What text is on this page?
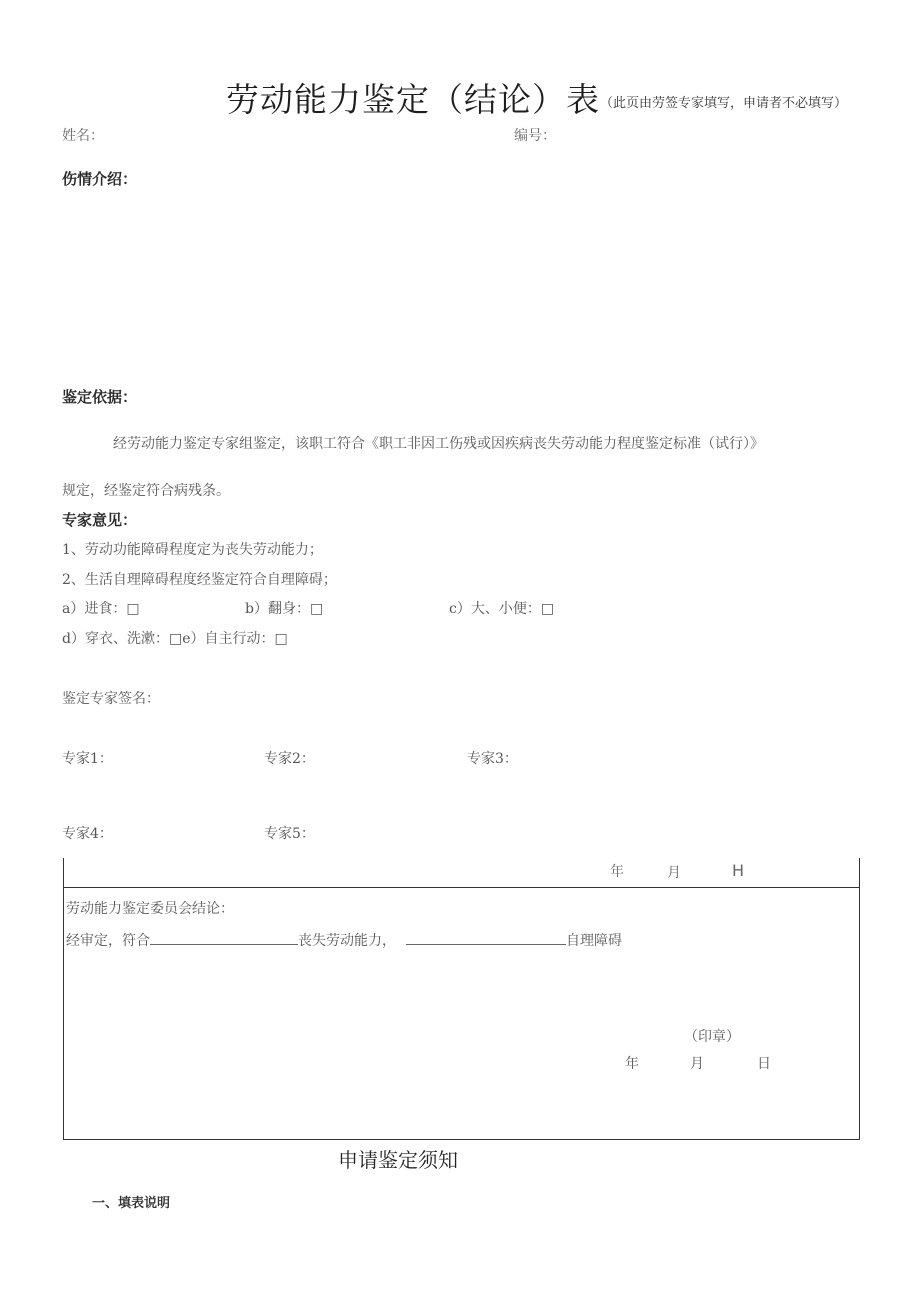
劳动能力鉴定（结论）表 （此页由劳签专家填写，申请者不必填写）
姓名：	编号：
伤情介绍：
鉴定依据：
经劳动能力鉴定专家组鉴定，该职工符合《职工非因工伤残或因疾病丧失劳动能力程度鉴定标准（试行）》
规定，经鉴定符合病残条。
专家意见：
1、劳动功能障碍程度定为丧失劳动能力；
2、生活自理障碍程度经鉴定符合自理障碍；
a）进食：□	b）翻身：□	c）大、小便：□
d）穿衣、洗漱：□e）自主行动：□
鉴定专家签名：
专家1：	专家2：	专家3：
专家4：	专家5：
年	月	H
劳动能力鉴定委员会结论：
经审定，符合	丧失劳动能力，	自理障碍
（印章）
年	月	日
申请鉴定须知
一、填表说明
